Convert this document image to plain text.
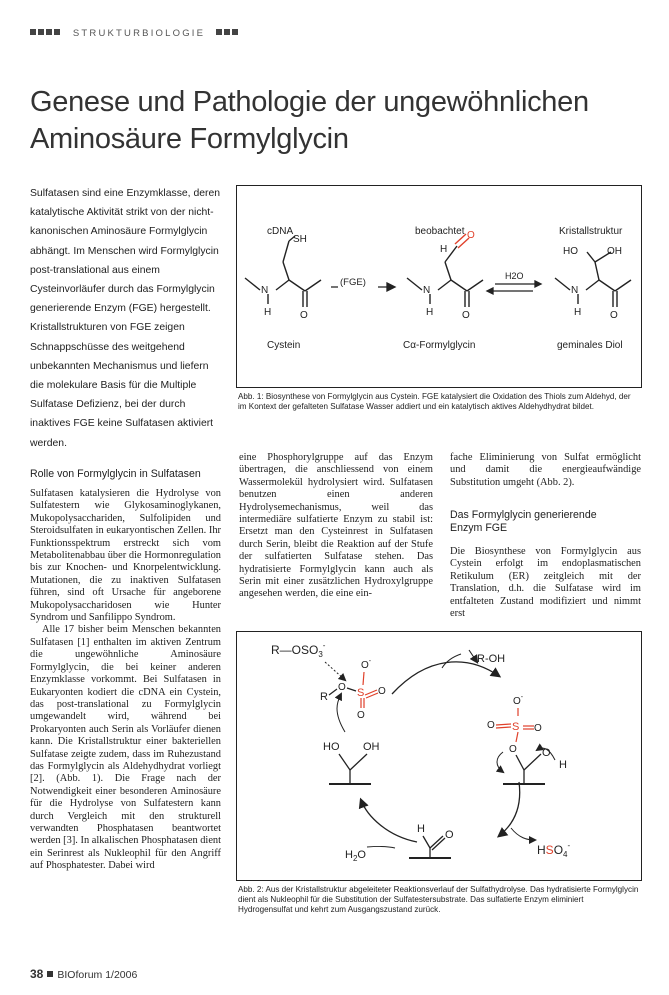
STRUKTURBIOLOGIE
Genese und Pathologie der ungewöhnlichen
Aminosäure Formylglycin

Sulfatasen sind eine Enzymklasse, deren katalytische Aktivität strikt von der nicht-kanonischen Aminosäure Formylglycin abhängt. Im Menschen wird Formylglycin post-translational aus einem Cysteinvorläufer durch das Formylglycin generierende Enzym (FGE) hergestellt. Kristallstrukturen von FGE zeigen Schnappschüsse des weitgehend unbekannten Mechanismus und liefern die molekulare Basis für die Multiple Sulfatase Defizienz, bei der durch inaktives FGE keine Sulfatasen aktiviert werden.

cDNA
SH
N
H	O
Cystein
(FGE)
beobachtet
H
O
N
H	O
Cα-Formylglycin
H2O
Kristallstruktur
HO	OH
N
H	O
geminales Diol

Abb. 1: Biosynthese von Formylglycin aus Cystein. FGE katalysiert die Oxidation des Thiols zum Aldehyd, der im Kontext der gefalteten Sulfatase Wasser addiert und ein katalytisch aktives Aldehydhydrat bildet.

Rolle von Formylglycin in Sulfatasen

Sulfatasen katalysieren die Hydrolyse von Sulfatestern wie Glykosaminoglykanen, Mukopolysacchariden, Sulfolipiden und Steroidsulfaten in eukaryontischen Zellen. Ihr Funktionsspektrum erstreckt sich vom Metabolitenabbau über die Hormonregulation bis zur Knochen- und Knorpelentwicklung. Mutationen, die zu inaktiven Sulfatasen führen, sind oft Ursache für angeborene Mukopolysaccharidosen wie Hunter Syndrom und Sanfilippo Syndrom.

Alle 17 bisher beim Menschen bekannten Sulfatasen [1] enthalten im aktiven Zentrum die ungewöhnliche Aminosäure Formylglycin, die bei keiner anderen Enzymklasse vorkommt. Bei Sulfatasen in Eukaryonten kodiert die cDNA ein Cystein, das post-translational zu Formylglycin umgewandelt wird, während bei Prokaryonten auch Serin als Vorläufer dienen kann. Die Kristallstruktur einer bakteriellen Sulfatase zeigte zudem, dass im Ruhezustand das Formylglycin als Aldehydhydrat vorliegt [2]. (Abb. 1). Die Frage nach der Notwendigkeit einer besonderen Aminosäure für die Hydrolyse von Sulfatestern kann durch Vergleich mit den strukturell verwandten Phosphatasen beantwortet werden [3]. In alkalischen Phosphatasen dient ein Serinrest als Nukleophil für den Angriff auf Phosphatester. Dabei wird

eine Phosphorylgruppe auf das Enzym übertragen, die anschliessend von einem Wassermolekül hydrolysiert wird. Sulfatasen benutzen einen anderen Hydrolysemechanismus, weil das intermediäre sulfatierte Enzym zu stabil ist: Ersetzt man den Cysteinrest in Sulfatasen durch Serin, bleibt die Reaktion auf der Stufe der sulfatierten Sulfatase stehen. Das hydratisierte Formylglycin kann auch als Serin mit einer zusätzlichen Hydroxylgruppe angesehen werden, die eine ein-

fache Eliminierung von Sulfat ermöglicht und damit die energieaufwändige Substitution umgeht (Abb. 2).

Das Formylglycin generierende
Enzym FGE

Die Biosynthese von Formylglycin aus Cystein erfolgt im endoplasmatischen Retikulum (ER) zeitgleich mit der Translation, d.h. die Sulfatase wird im entfalteten Zustand modifiziert und nimmt erst

$R—OSO_3^-$
O-
R
O S O
O
HO OH
R-OH
$H_2O$
H O
O-
O S O
O O
H
$HSO_4^-$

Abb. 2: Aus der Kristallstruktur abgeleiteter Reaktionsverlauf der Sulfathydrolyse. Das hydratisierte Formylglycin dient als Nukleophil für die Substitution der Sulfatestersubstrate. Das sulfatierte Enzym eliminiert Hydrogensulfat und kehrt zum Ausgangszustand zurück.

38 BIOforum 1/2006
